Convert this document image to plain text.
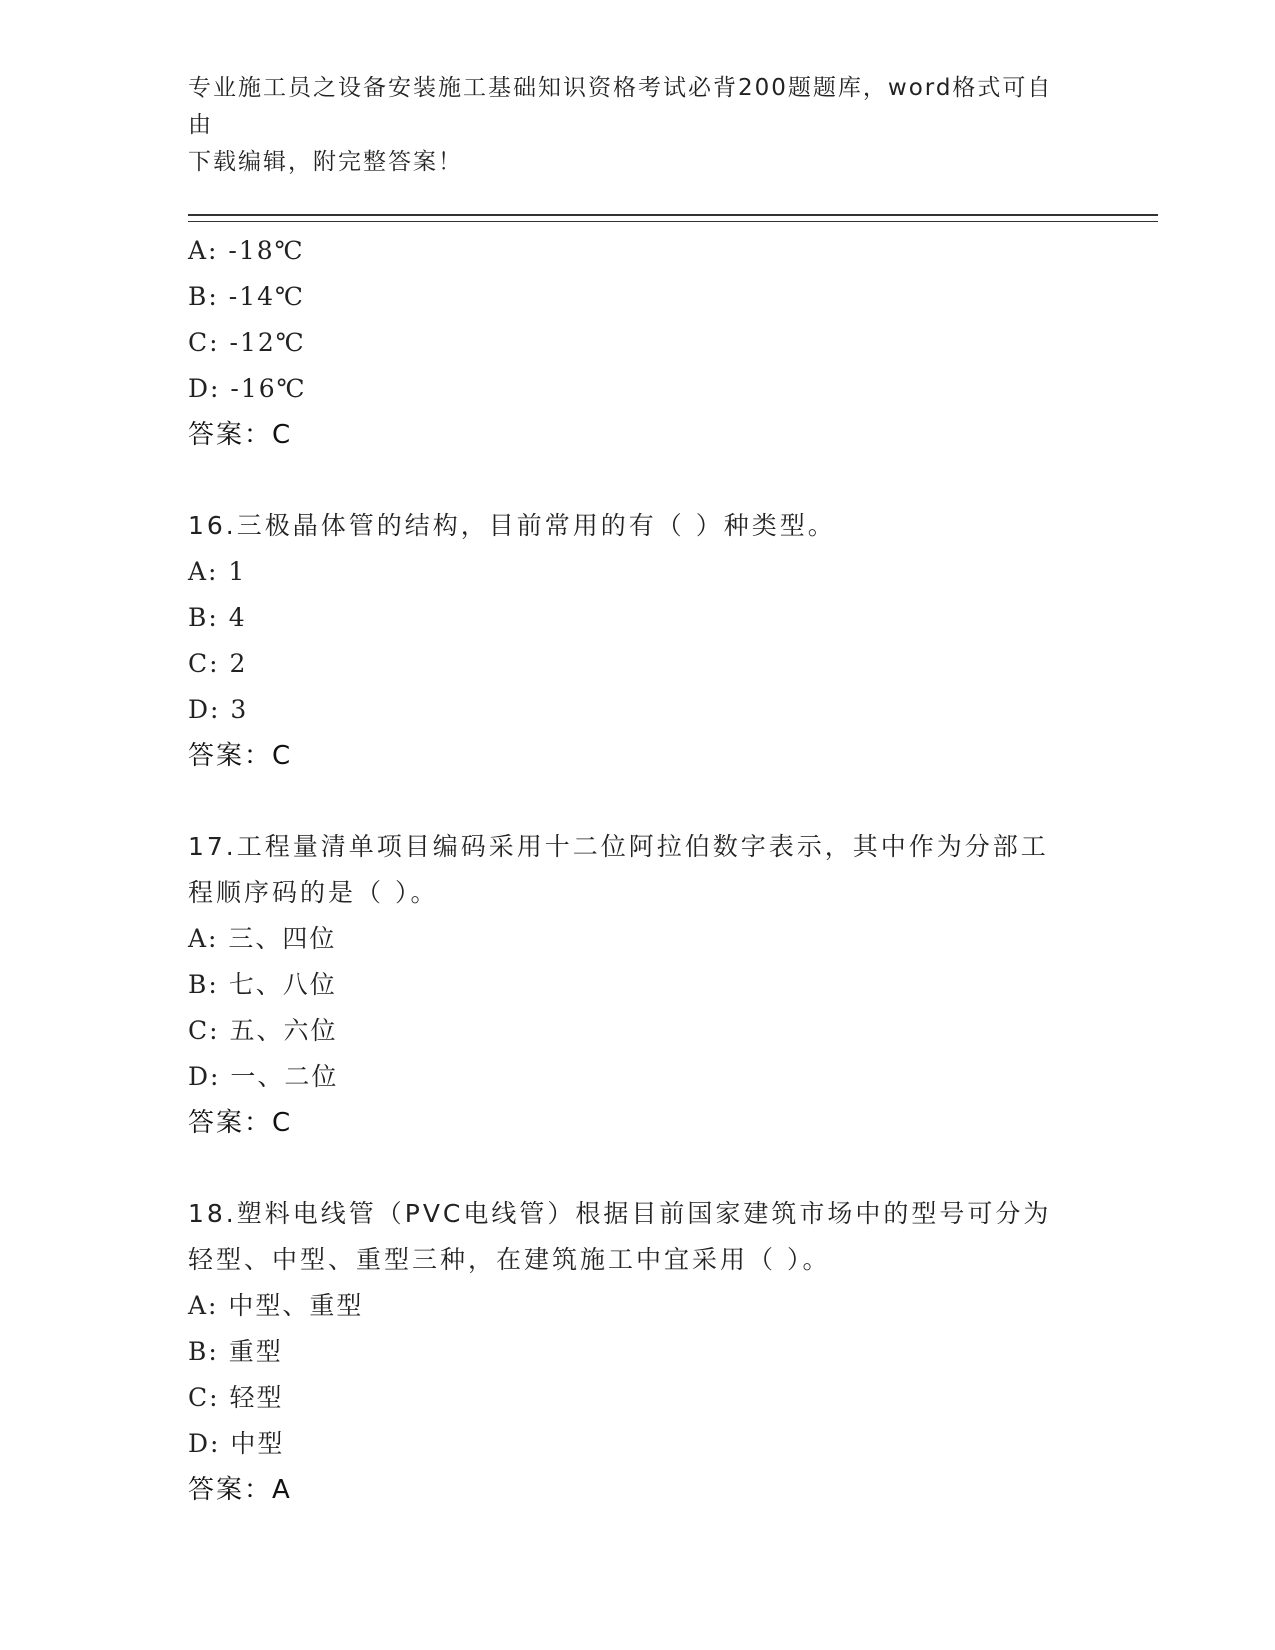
专业施工员之设备安装施工基础知识资格考试必背200题题库，word格式可自由
下载编辑，附完整答案！
A: -18℃
B: -14℃
C: -12℃
D: -16℃
答案：C
16.三极晶体管的结构，目前常用的有（ ）种类型。
A: 1
B: 4
C: 2
D: 3
答案：C
17.工程量清单项目编码采用十二位阿拉伯数字表示，其中作为分部工
程顺序码的是（ ）。
A: 三、四位
B: 七、八位
C: 五、六位
D: 一、二位
答案：C
18.塑料电线管（PVC电线管）根据目前国家建筑市场中的型号可分为
轻型、中型、重型三种，在建筑施工中宜采用（ ）。
A: 中型、重型
B: 重型
C: 轻型
D: 中型
答案：A
